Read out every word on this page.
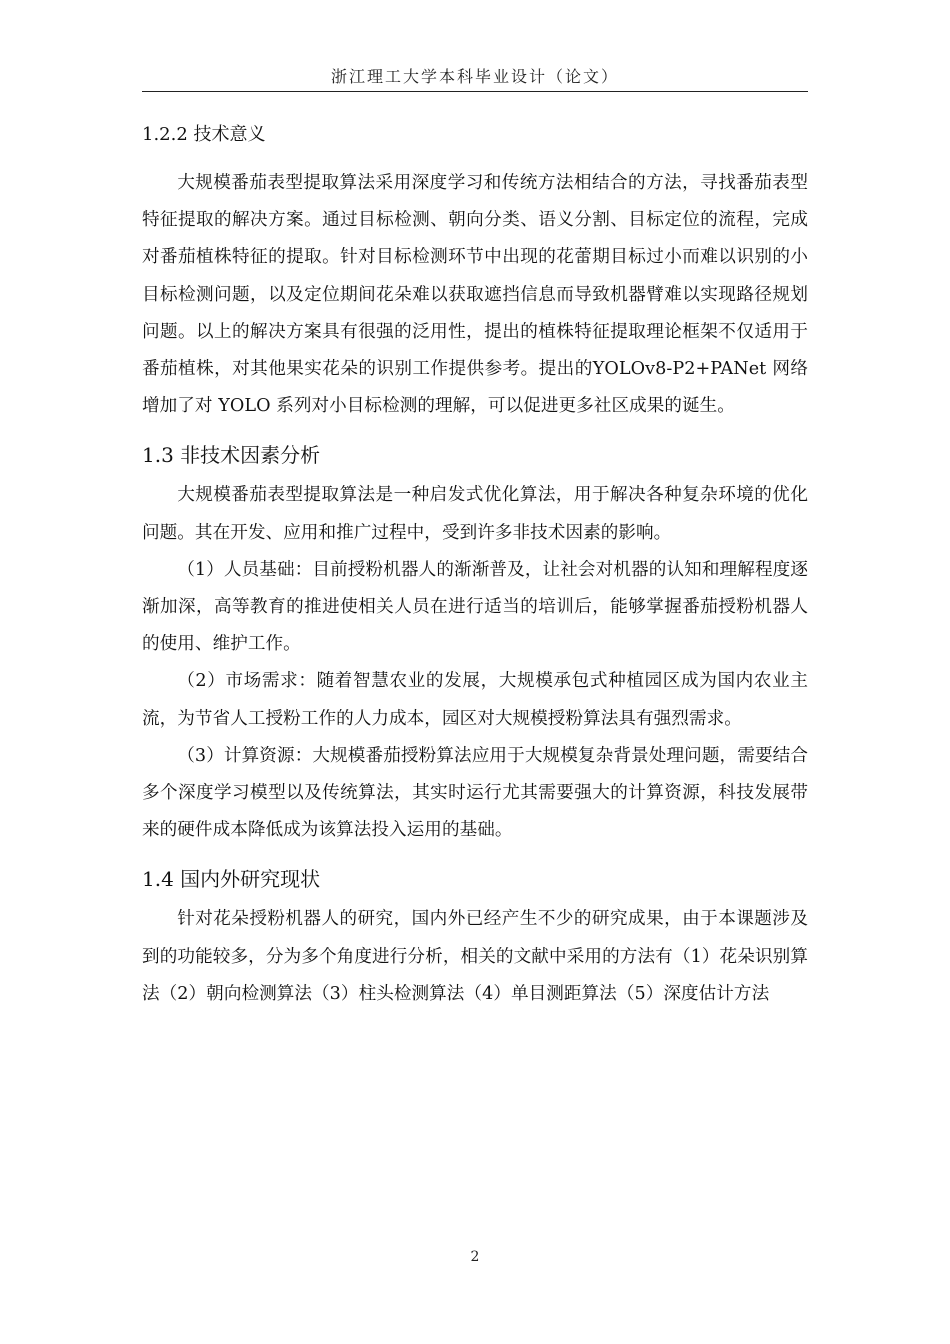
浙江理工大学本科毕业设计（论文）
1.2.2 技术意义

大规模番茄表型提取算法采用深度学习和传统方法相结合的方法，寻找番茄表型特征提取的解决方案。通过目标检测、朝向分类、语义分割、目标定位的流程，完成对番茄植株特征的提取。针对目标检测环节中出现的花蕾期目标过小而难以识别的小目标检测问题，以及定位期间花朵难以获取遮挡信息而导致机器臂难以实现路径规划问题。以上的解决方案具有很强的泛用性，提出的植株特征提取理论框架不仅适用于番茄植株，对其他果实花朵的识别工作提供参考。提出的YOLOv8-P2+PANet 网络增加了对 YOLO 系列对小目标检测的理解，可以促进更多社区成果的诞生。

1.3 非技术因素分析

大规模番茄表型提取算法是一种启发式优化算法，用于解决各种复杂环境的优化问题。其在开发、应用和推广过程中，受到许多非技术因素的影响。

（1）人员基础：目前授粉机器人的渐渐普及，让社会对机器的认知和理解程度逐渐加深，高等教育的推进使相关人员在进行适当的培训后，能够掌握番茄授粉机器人的使用、维护工作。

（2）市场需求：随着智慧农业的发展，大规模承包式种植园区成为国内农业主流，为节省人工授粉工作的人力成本，园区对大规模授粉算法具有强烈需求。

（3）计算资源：大规模番茄授粉算法应用于大规模复杂背景处理问题，需要结合多个深度学习模型以及传统算法，其实时运行尤其需要强大的计算资源，科技发展带来的硬件成本降低成为该算法投入运用的基础。

1.4 国内外研究现状

针对花朵授粉机器人的研究，国内外已经产生不少的研究成果，由于本课题涉及到的功能较多，分为多个角度进行分析，相关的文献中采用的方法有（1）花朵识别算法（2）朝向检测算法（3）柱头检测算法（4）单目测距算法（5）深度估计方法

2
